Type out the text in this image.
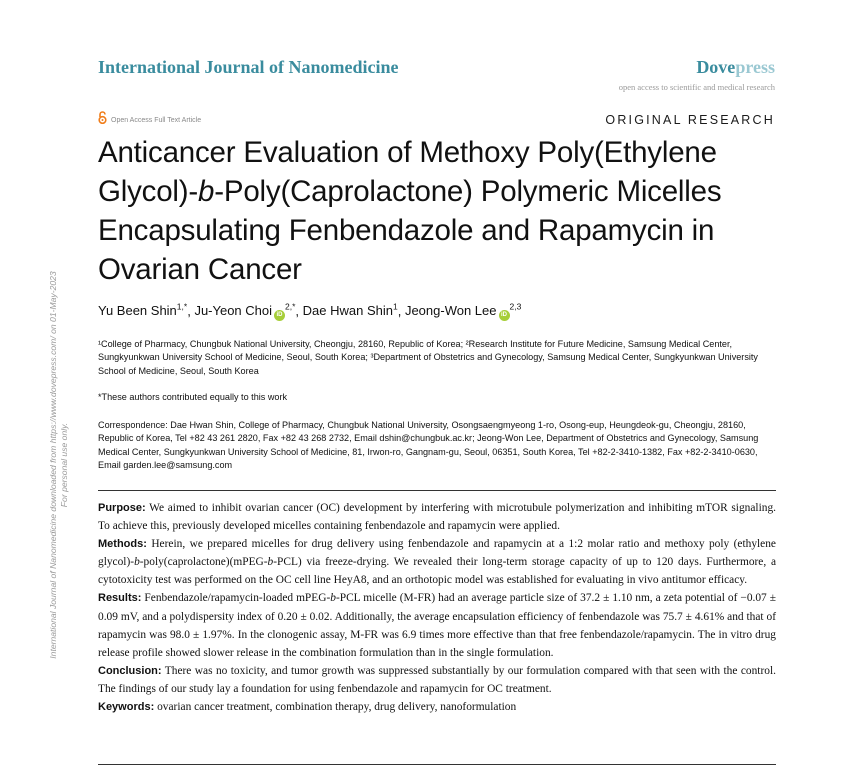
International Journal of Nanomedicine	Dovepress
open access to scientific and medical research
Open Access Full Text Article	ORIGINAL RESEARCH
Anticancer Evaluation of Methoxy Poly(Ethylene Glycol)-b-Poly(Caprolactone) Polymeric Micelles Encapsulating Fenbendazole and Rapamycin in Ovarian Cancer
Yu Been Shin$^{1,*}$, Ju-Yeon Choi $iD^{2,*}$, Dae Hwan Shin$^1$, Jeong-Won Lee iD$^{2,3}$
¹College of Pharmacy, Chungbuk National University, Cheongju, 28160, Republic of Korea; ²Research Institute for Future Medicine, Samsung Medical Center, Sungkyunkwan University School of Medicine, Seoul, South Korea; ³Department of Obstetrics and Gynecology, Samsung Medical Center, Sungkyunkwan University School of Medicine, Seoul, South Korea
*These authors contributed equally to this work
Correspondence: Dae Hwan Shin, College of Pharmacy, Chungbuk National University, Osongsaengmyeong 1-ro, Osong-eup, Heungdeok-gu, Cheongju, 28160, Republic of Korea, Tel +82 43 261 2820, Fax +82 43 268 2732, Email dshin@chungbuk.ac.kr; Jeong-Won Lee, Department of Obstetrics and Gynecology, Samsung Medical Center, Sungkyunkwan University School of Medicine, 81, Irwon-ro, Gangnam-gu, Seoul, 06351, South Korea, Tel +82-2-3410-1382, Fax +82-2-3410-0630, Email garden.lee@samsung.com

Purpose: We aimed to inhibit ovarian cancer (OC) development by interfering with microtubule polymerization and inhibiting mTOR signaling. To achieve this, previously developed micelles containing fenbendazole and rapamycin were applied.

Methods: Herein, we prepared micelles for drug delivery using fenbendazole and rapamycin at a 1:2 molar ratio and methoxy poly (ethylene glycol)-b-poly(caprolactone)(mPEG-b-PCL) via freeze-drying. We revealed their long-term storage capacity of up to 120 days. Furthermore, a cytotoxicity test was performed on the OC cell line HeyA8, and an orthotopic model was established for evaluating in vivo antitumor efficacy.

Results: Fenbendazole/rapamycin-loaded mPEG-b-PCL micelle (M-FR) had an average particle size of 37.2 ± 1.10 nm, a zeta potential of −0.07 ± 0.09 mV, and a polydispersity index of 0.20 ± 0.02. Additionally, the average encapsulation efficiency of fenbendazole was 75.7 ± 4.61% and that of rapamycin was 98.0 ± 1.97%. In the clonogenic assay, M-FR was 6.9 times more effective than that free fenbendazole/rapamycin. The in vitro drug release profile showed slower release in the combination formulation than in the single formulation.

Conclusion: There was no toxicity, and tumor growth was suppressed substantially by our formulation compared with that seen with the control. The findings of our study lay a foundation for using fenbendazole and rapamycin for OC treatment.

Keywords: ovarian cancer treatment, combination therapy, drug delivery, nanoformulation

International Journal of Nanomedicine downloaded from https://www.dovepress.com/ on 01-May-2023 For personal use only.
